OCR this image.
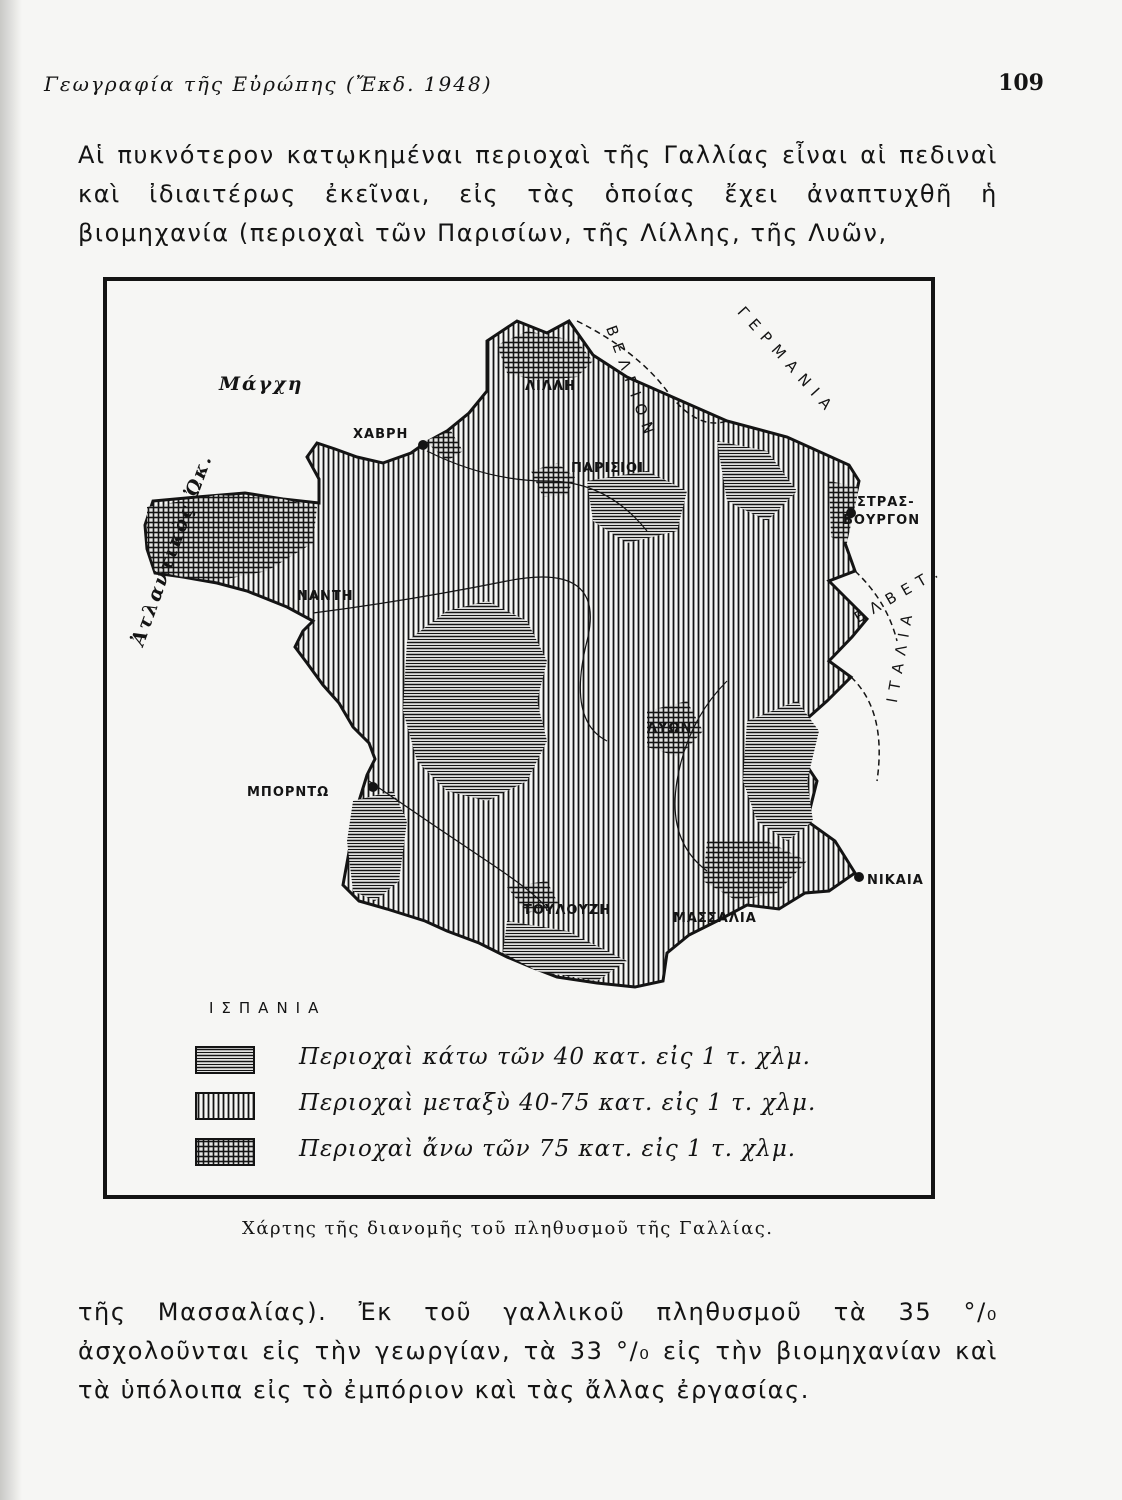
Γεωγραφία τῆς Εὐρώπης (Ἔκδ. 1948)	109

Αἱ πυκνότερον κατῳκημέναι περιοχαὶ τῆς Γαλλίας εἶναι αἱ πεδιναὶ καὶ ἰδιαιτέρως ἐκεῖναι, εἰς τὰς ὁποίας ἔχει ἀναπτυχθῆ ἡ βιομηχανία (περιοχαὶ τῶν Παρισίων, τῆς Λίλλης, τῆς Λυῶν,

Μάγχη
Ἀτλαντικὸς Ὠκ.
ΧΑΒΡΗ
ΛΙΛΛΗ
ΠΑΡΙΣΙΟΙ
ΣΤΡΑΣ-
ΒΟΥΡΓΟΝ
ΝΑΝΤΗ
ΛΥΩΝ
ΜΠΟΡΝΤΩ
ΝΙΚΑΙΑ
ΤΟΥΛΟΥΖΗ
ΜΑΣΣΑΛΙΑ
ΒΕΛΓΙΟΝ	ΓΕΡΜΑΝΙΑ
ΕΛΒΕΤ.
ΙΤΑΛΙΑ
ΙΣΠΑΝΙΑ
Περιοχαὶ κάτω τῶν 40 κατ. εἰς 1 τ. χλμ.
Περιοχαὶ μεταξὺ 40-75 κατ. εἰς 1 τ. χλμ.
Περιοχαὶ ἄνω τῶν 75 κατ. εἰς 1 τ. χλμ.
Χάρτης τῆς διανομῆς τοῦ πληθυσμοῦ τῆς Γαλλίας.

τῆς Μασσαλίας). Ἐκ τοῦ γαλλικοῦ πληθυσμοῦ τὰ 35 °/₀ ἀσχολοῦνται εἰς τὴν γεωργίαν, τὰ 33 °/₀ εἰς τὴν βιομηχανίαν καὶ τὰ ὑπόλοιπα εἰς τὸ ἐμπόριον καὶ τὰς ἄλλας ἐργασίας.
